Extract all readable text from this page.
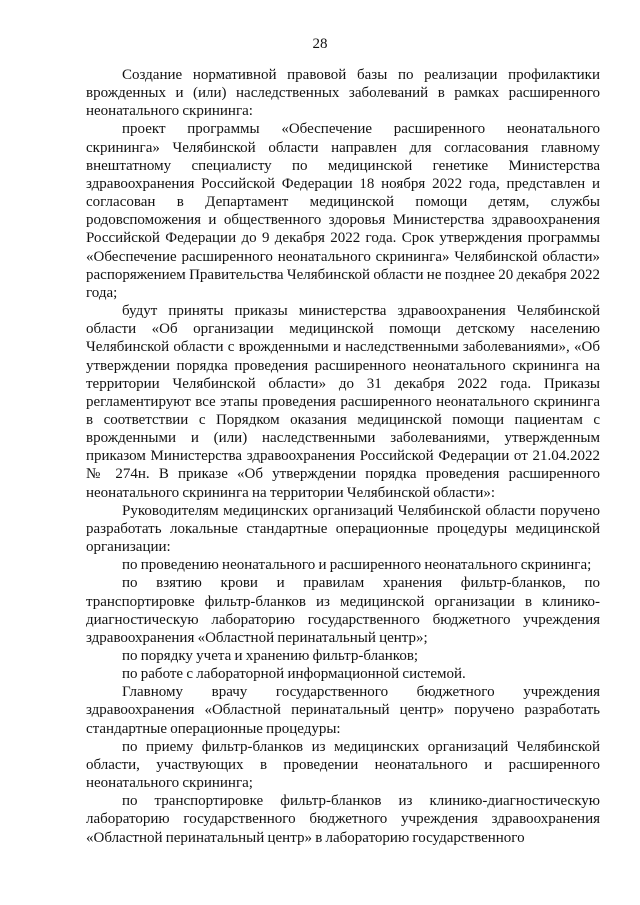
28

Создание нормативной правовой базы по реализации профилактики врожденных и (или) наследственных заболеваний в рамках расширенного неонатального скрининга:

проект программы «Обеспечение расширенного неонатального скрининга» Челябинской области направлен для согласования главному внештатному специалисту по медицинской генетике Министерства здравоохранения Российской Федерации 18 ноября 2022 года, представлен и согласован в Департамент медицинской помощи детям, службы родовспоможения и общественного здоровья Министерства здравоохранения Российской Федерации до 9 декабря 2022 года. Срок утверждения программы «Обеспечение расширенного неонатального скрининга» Челябинской области» распоряжением Правительства Челябинской области не позднее 20 декабря 2022 года;

будут приняты приказы министерства здравоохранения Челябинской области «Об организации медицинской помощи детскому населению Челябинской области с врожденными и наследственными заболеваниями», «Об утверждении порядка проведения расширенного неонатального скрининга на территории Челябинской области» до 31 декабря 2022 года. Приказы регламентируют все этапы проведения расширенного неонатального скрининга в соответствии с Порядком оказания медицинской помощи пациентам с врожденными и (или) наследственными заболеваниями, утвержденным приказом Министерства здравоохранения Российской Федерации от 21.04.2022 № 274н. В приказе «Об утверждении порядка проведения расширенного неонатального скрининга на территории Челябинской области»:

Руководителям медицинских организаций Челябинской области поручено разработать локальные стандартные операционные процедуры медицинской организации:

по проведению неонатального и расширенного неонатального скрининга;

по взятию крови и правилам хранения фильтр-бланков, по транспортировке фильтр-бланков из медицинской организации в клинико-диагностическую лабораторию государственного бюджетного учреждения здравоохранения «Областной перинатальный центр»;

по порядку учета и хранению фильтр-бланков;

по работе с лабораторной информационной системой.

Главному врачу государственного бюджетного учреждения здравоохранения «Областной перинатальный центр» поручено разработать стандартные операционные процедуры:

по приему фильтр-бланков из медицинских организаций Челябинской области, участвующих в проведении неонатального и расширенного неонатального скрининга;

по транспортировке фильтр-бланков из клинико-диагностическую лабораторию государственного бюджетного учреждения здравоохранения «Областной перинатальный центр» в лабораторию государственного
